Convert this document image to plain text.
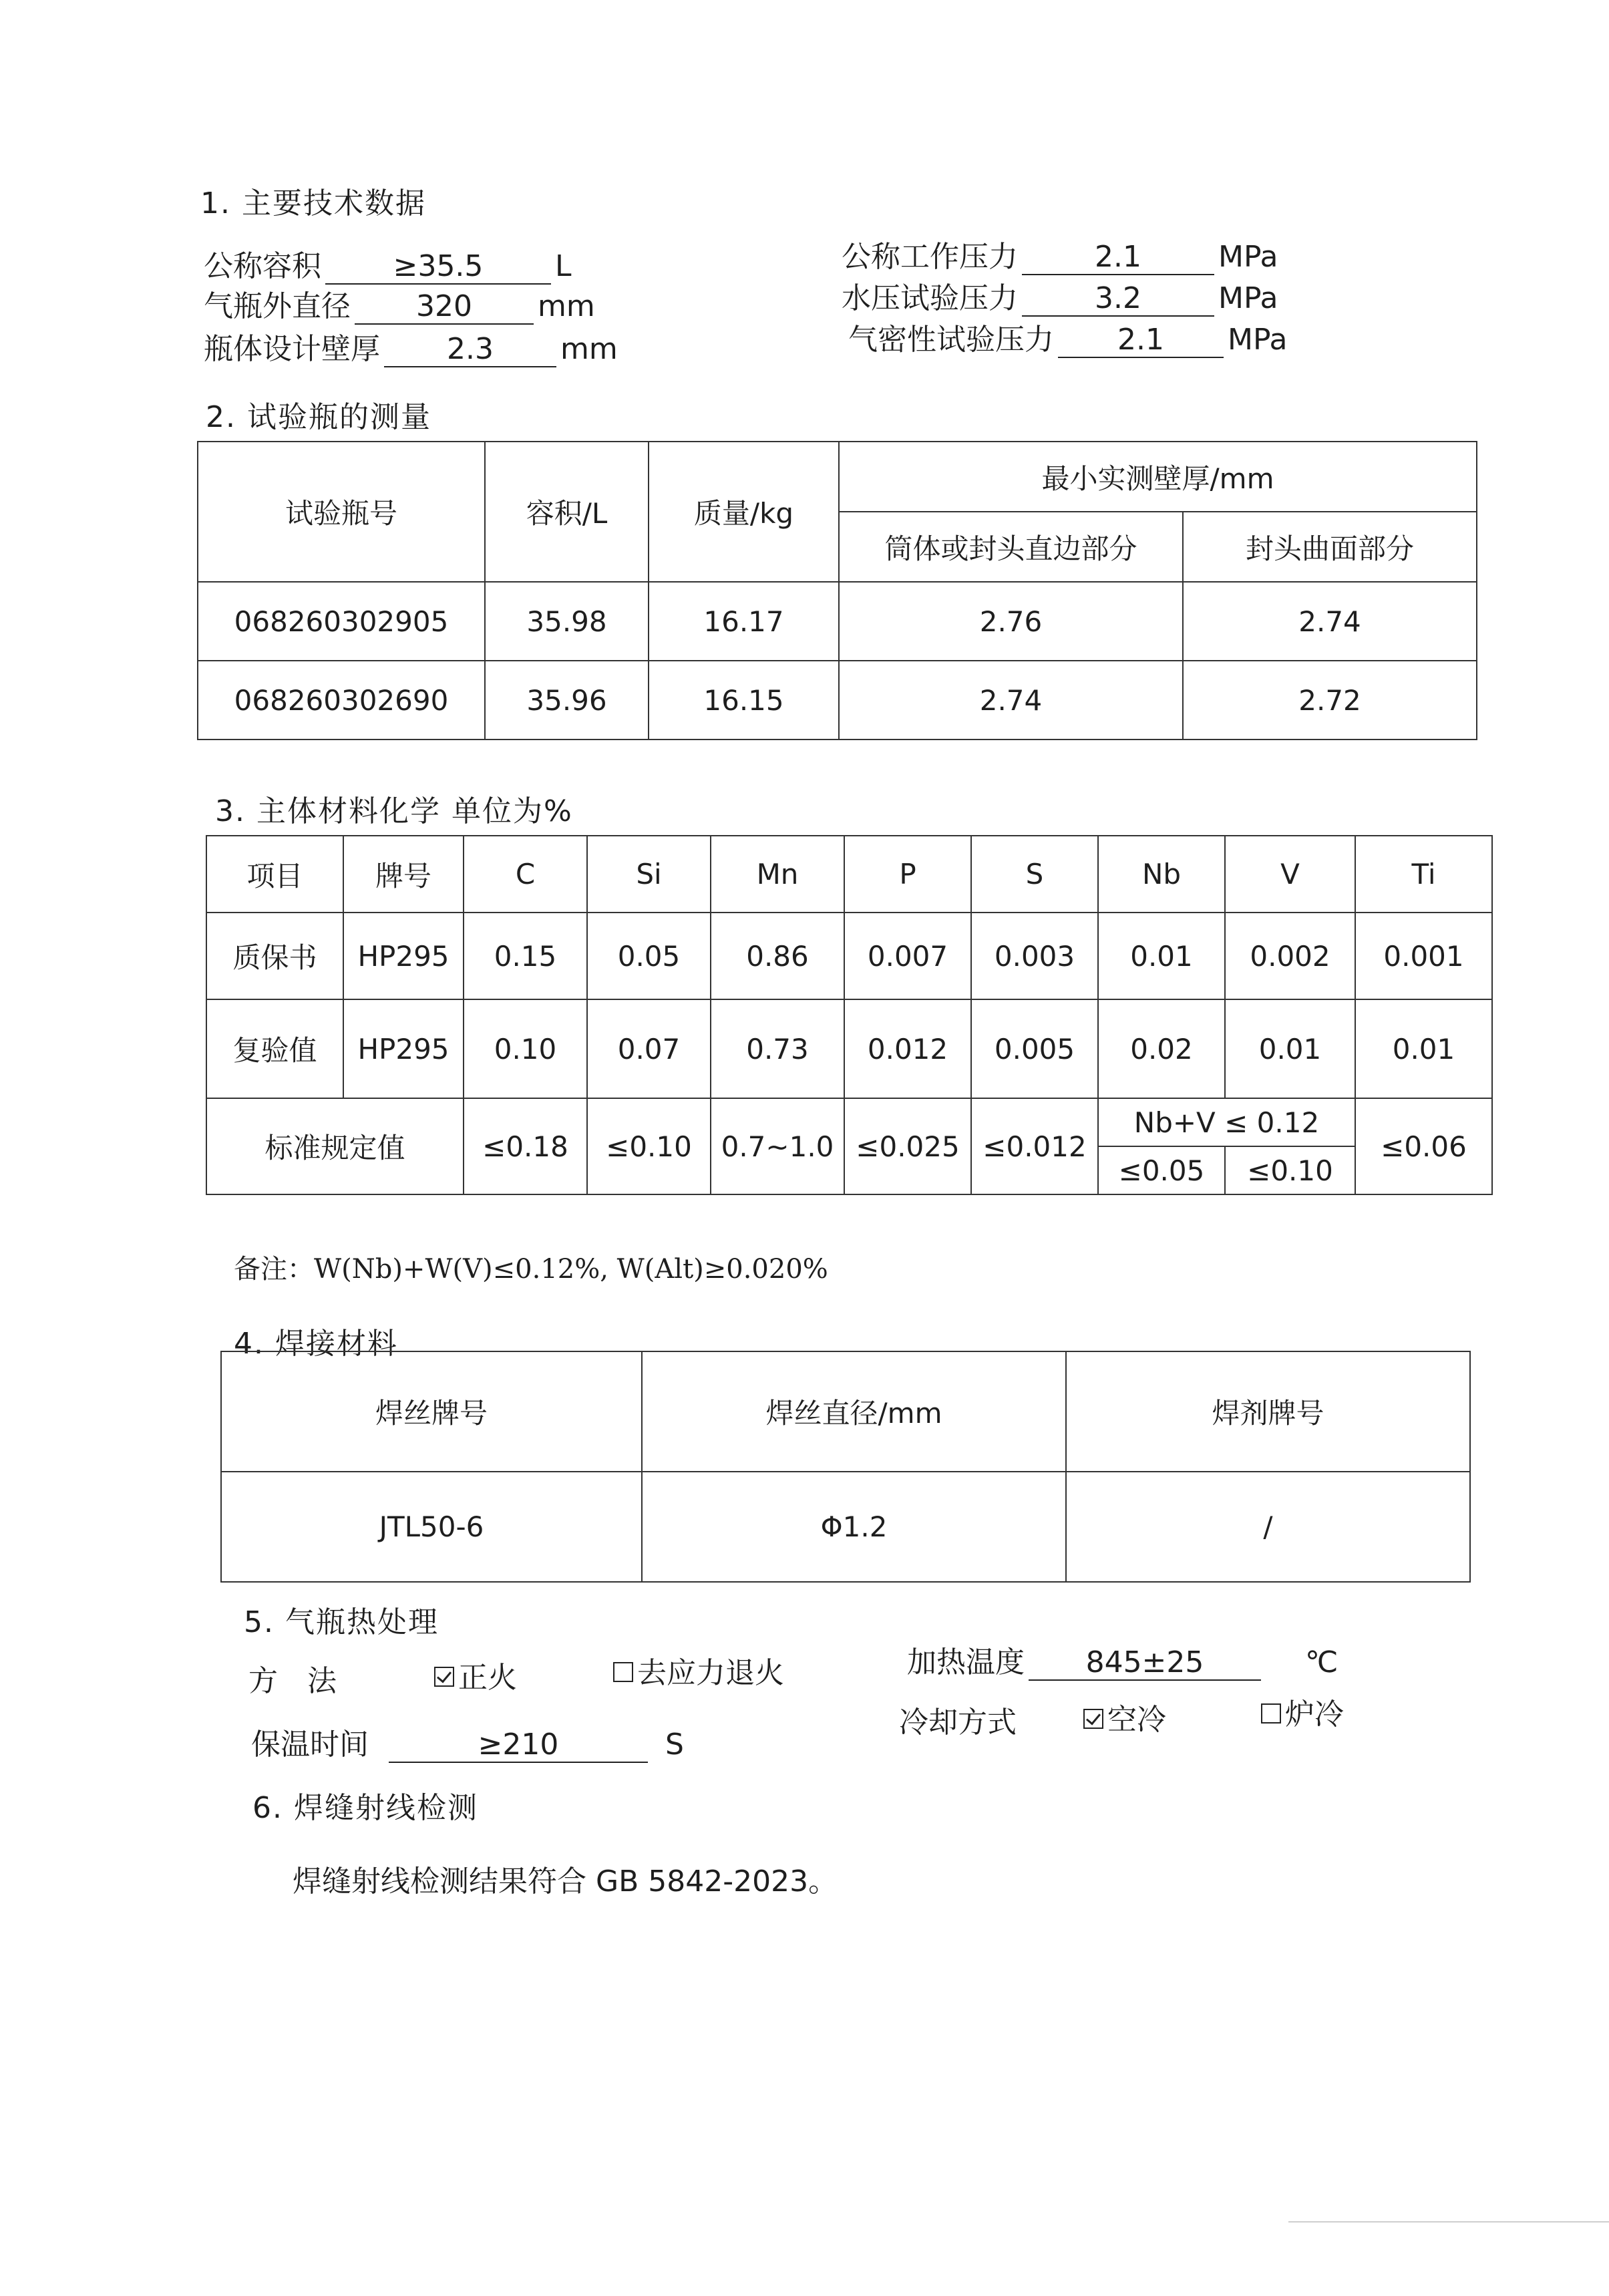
1. 主要技术数据
公称容积	≥35.5	L
气瓶外直径	320	mm
瓶体设计壁厚	2.3	mm
公称工作压力	2.1	MPa
水压试验压力	3.2	MPa
气密性试验压力	2.1	MPa
2. 试验瓶的测量
试验瓶号	容积/L	质量/kg	最小实测壁厚/mm	
			筒体或封头直边部分	封头曲面部分
068260302905	35.98	16.17	2.76	2.74
068260302690	35.96	16.15	2.74	2.72
3. 主体材料化学 单位为%
项目	牌号	C	Si	Mn	P	S	Nb	V	Ti
质保书	HP295	0.15	0.05	0.86	0.007	0.003	0.01	0.002	0.001
复验值	HP295	0.10	0.07	0.73	0.012	0.005	0.02	0.01	0.01
标准规定值		≤0.18	≤0.10	0.7~1.0	≤0.025	≤0.012	Nb+V ≤ 0.12		≤0.06
							≤0.05	≤0.10	
备注：W(Nb)+W(V)≤0.12%, W(Alt)≥0.020%
4. 焊接材料
焊丝牌号	焊丝直径/mm	焊剂牌号
JTL50-6	Φ1.2	/
5. 气瓶热处理
方　法	正火	去应力退火	加热温度	845±25	℃
保温时间	≥210	S
冷却方式	空冷	炉冷
6. 焊缝射线检测
焊缝射线检测结果符合 GB 5842-2023。
